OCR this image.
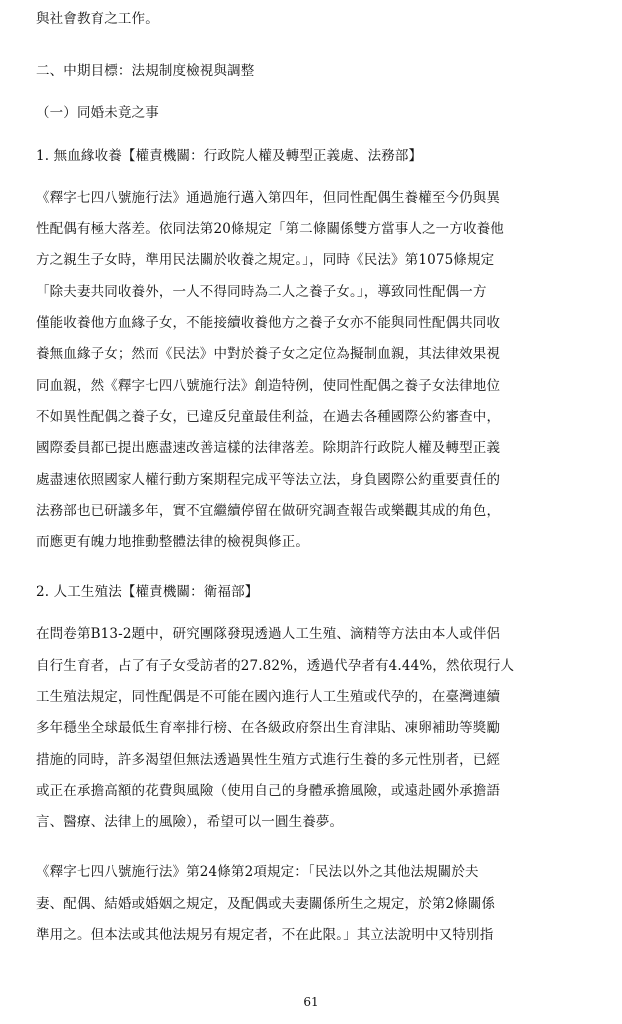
與社會教育之工作。
二、中期目標：法規制度檢視與調整
（一）同婚未竟之事
1. 無血緣收養【權責機關：行政院人權及轉型正義處、法務部】
《釋字七四八號施行法》通過施行邁入第四年，但同性配偶生養權至今仍與異
性配偶有極大落差。依同法第20條規定「第二條關係雙方當事人之一方收養他
方之親生子女時，準用民法關於收養之規定。」，同時《民法》第1075條規定
「除夫妻共同收養外，一人不得同時為二人之養子女。」，導致同性配偶一方
僅能收養他方血緣子女，不能接續收養他方之養子女亦不能與同性配偶共同收
養無血緣子女；然而《民法》中對於養子女之定位為擬制血親，其法律效果視
同血親，然《釋字七四八號施行法》創造特例，使同性配偶之養子女法律地位
不如異性配偶之養子女，已違反兒童最佳利益，在過去各種國際公約審查中，
國際委員都已提出應盡速改善這樣的法律落差。除期許行政院人權及轉型正義
處盡速依照國家人權行動方案期程完成平等法立法，身負國際公約重要責任的
法務部也已研議多年，實不宜繼續停留在做研究調查報告或樂觀其成的角色，
而應更有魄力地推動整體法律的檢視與修正。
2. 人工生殖法【權責機關：衛福部】
在問卷第B13-2題中，研究團隊發現透過人工生殖、滴精等方法由本人或伴侶
自行生育者，占了有子女受訪者的27.82%，透過代孕者有4.44%，然依現行人
工生殖法規定，同性配偶是不可能在國內進行人工生殖或代孕的，在臺灣連續
多年穩坐全球最低生育率排行榜、在各級政府祭出生育津貼、凍卵補助等獎勵
措施的同時，許多渴望但無法透過異性生殖方式進行生養的多元性別者，已經
或正在承擔高額的花費與風險（使用自己的身體承擔風險，或遠赴國外承擔語
言、醫療、法律上的風險），希望可以一圓生養夢。
《釋字七四八號施行法》第24條第2項規定：「民法以外之其他法規關於夫
妻、配偶、結婚或婚姻之規定，及配偶或夫妻關係所生之規定，於第2條關係
準用之。但本法或其他法規另有規定者，不在此限。」其立法說明中又特別指
61
